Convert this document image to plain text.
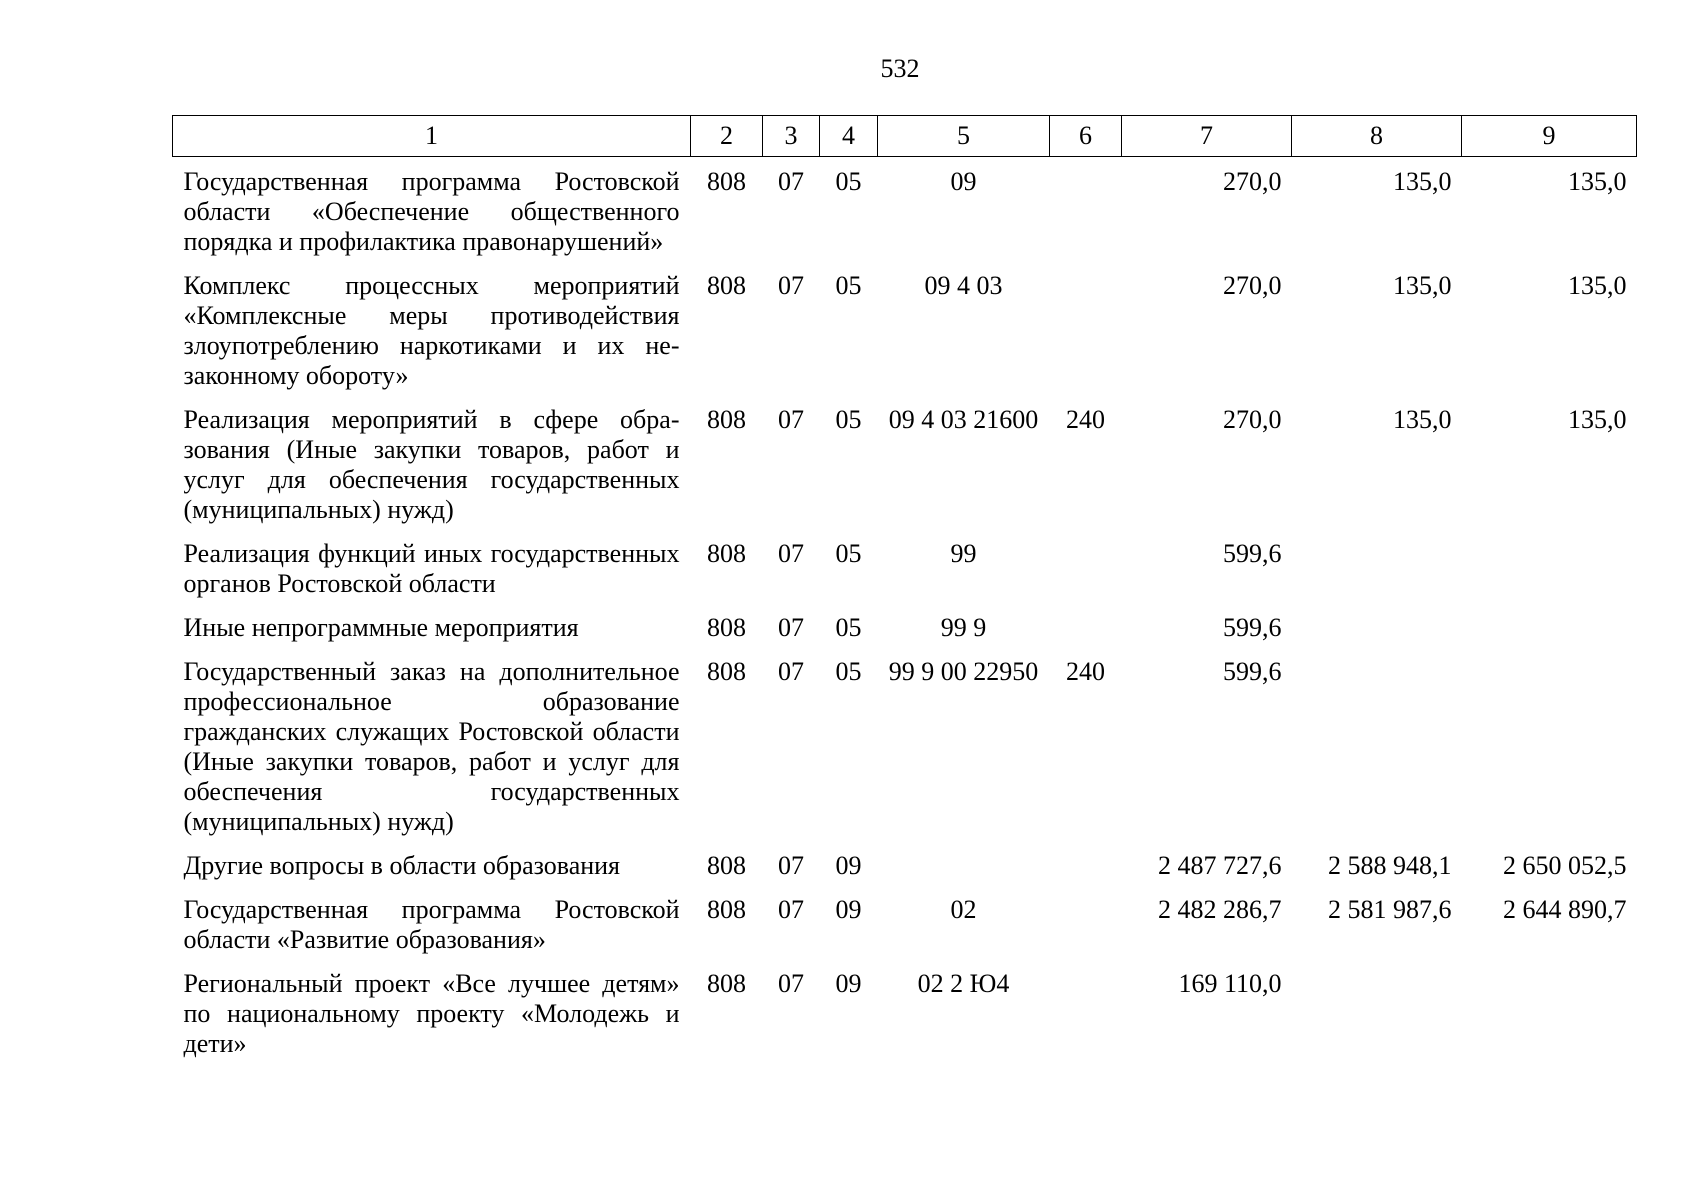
532
1	2	3	4	5	6	7	8	9
Государственная программа Ростовской области «Обеспечение общественного порядка и профилактика правонарушений»	808	07	05	09		270,0	135,0	135,0
Комплекс процессных мероприятий «Комплексные меры противодействия злоупотреблению наркотиками и их незаконному обороту»	808	07	05	09 4 03		270,0	135,0	135,0
Реализация мероприятий в сфере образования (Иные закупки товаров, работ и услуг для обеспечения государственных (муниципальных) нужд)	808	07	05	09 4 03 21600	240	270,0	135,0	135,0
Реализация функций иных государственных органов Ростовской области	808	07	05	99		599,6		
Иные непрограммные мероприятия	808	07	05	99 9		599,6		
Государственный заказ на дополнительное профессиональное образование гражданских служащих Ростовской области (Иные закупки товаров, работ и услуг для обеспечения государственных (муниципальных) нужд)	808	07	05	99 9 00 22950	240	599,6		
Другие вопросы в области образования	808	07	09			2 487 727,6	2 588 948,1	2 650 052,5
Государственная программа Ростовской области «Развитие образования»	808	07	09	02		2 482 286,7	2 581 987,6	2 644 890,7
Региональный проект «Все лучшее детям» по национальному проекту «Молодежь и дети»	808	07	09	02 2 Ю4		169 110,0		
